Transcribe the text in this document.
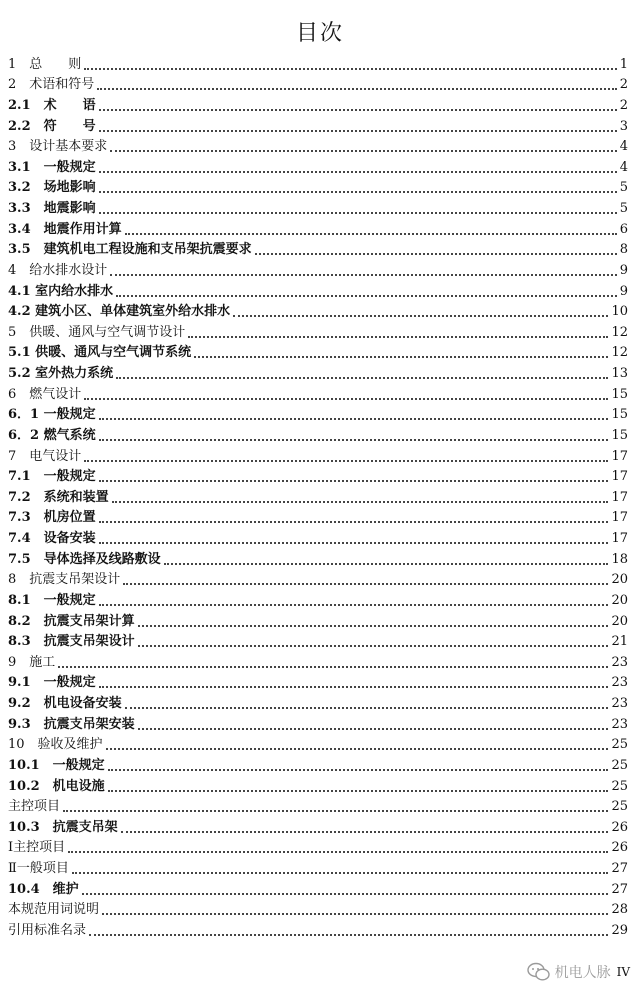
目次
1　总　　则	1
2　术语和符号	2
2.1　术　　语	2
2.2　符　　号	3
3　设计基本要求	4
3.1　一般规定	4
3.2　场地影响	5
3.3　地震影响	5
3.4　地震作用计算	6
3.5　建筑机电工程设施和支吊架抗震要求	8
4　给水排水设计	9
4.1 室内给水排水	9
4.2 建筑小区、单体建筑室外给水排水	10
5　供暖、通风与空气调节设计	12
5.1 供暖、通风与空气调节系统	12
5.2 室外热力系统	13
6　燃气设计	15
6．1 一般规定	15
6．2 燃气系统	15
7　电气设计	17
7.1　一般规定	17
7.2　系统和装置	17
7.3　机房位置	17
7.4　设备安装	17
7.5　导体选择及线路敷设	18
8　抗震支吊架设计	20
8.1　一般规定	20
8.2　抗震支吊架计算	20
8.3　抗震支吊架设计	21
9　施工	23
9.1　一般规定	23
9.2　机电设备安装	23
9.3　抗震支吊架安装	23
10　验收及维护	25
10.1　一般规定	25
10.2　机电设施	25
主控项目	25
10.3　抗震支吊架	26
Ⅰ主控项目	26
Ⅱ一般项目	27
10.4　维护	27
本规范用词说明	28
引用标准名录	29
机电人脉 IV
